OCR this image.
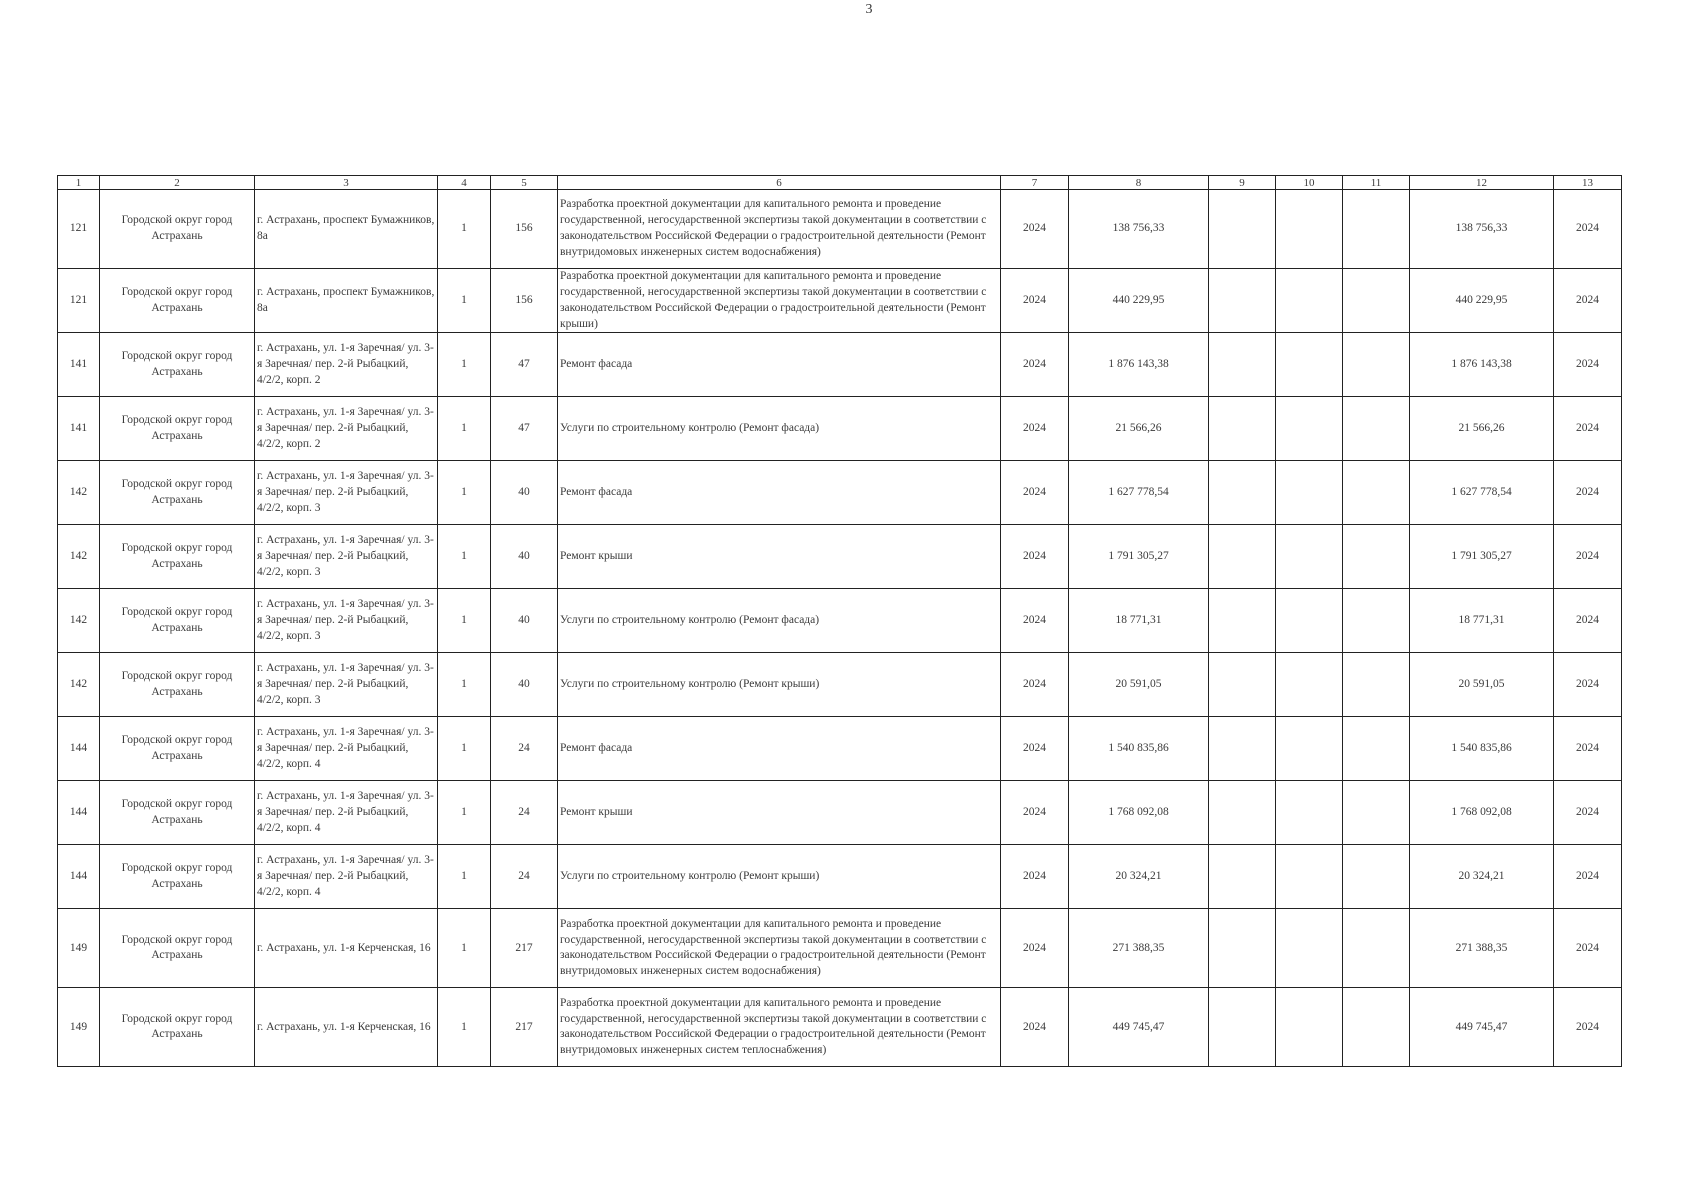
3
1	2	3	4	5	6	7	8	9	10	11	12	13
121	Городской округ город Астрахань	г. Астрахань, проспект Бумажников, 8а	1	156	Разработка проектной документации для капитального ремонта и проведение государственной, негосударственной экспертизы такой документации в соответствии с законодательством Российской Федерации о градостроительной деятельности (Ремонт внутридомовых инженерных систем водоснабжения)	2024	138 756,33				138 756,33	2024
121	Городской округ город Астрахань	г. Астрахань, проспект Бумажников, 8а	1	156	Разработка проектной документации для капитального ремонта и проведение государственной, негосударственной экспертизы такой документации в соответствии с законодательством Российской Федерации о градостроительной деятельности (Ремонт крыши)	2024	440 229,95				440 229,95	2024
141	Городской округ город Астрахань	г. Астрахань, ул. 1-я Заречная/ ул. 3-я Заречная/ пер. 2-й Рыбацкий, 4/2/2, корп. 2	1	47	Ремонт фасада	2024	1 876 143,38				1 876 143,38	2024
141	Городской округ город Астрахань	г. Астрахань, ул. 1-я Заречная/ ул. 3-я Заречная/ пер. 2-й Рыбацкий, 4/2/2, корп. 2	1	47	Услуги по строительному контролю (Ремонт фасада)	2024	21 566,26				21 566,26	2024
142	Городской округ город Астрахань	г. Астрахань, ул. 1-я Заречная/ ул. 3-я Заречная/ пер. 2-й Рыбацкий, 4/2/2, корп. 3	1	40	Ремонт фасада	2024	1 627 778,54				1 627 778,54	2024
142	Городской округ город Астрахань	г. Астрахань, ул. 1-я Заречная/ ул. 3-я Заречная/ пер. 2-й Рыбацкий, 4/2/2, корп. 3	1	40	Ремонт крыши	2024	1 791 305,27				1 791 305,27	2024
142	Городской округ город Астрахань	г. Астрахань, ул. 1-я Заречная/ ул. 3-я Заречная/ пер. 2-й Рыбацкий, 4/2/2, корп. 3	1	40	Услуги по строительному контролю (Ремонт фасада)	2024	18 771,31				18 771,31	2024
142	Городской округ город Астрахань	г. Астрахань, ул. 1-я Заречная/ ул. 3-я Заречная/ пер. 2-й Рыбацкий, 4/2/2, корп. 3	1	40	Услуги по строительному контролю (Ремонт крыши)	2024	20 591,05				20 591,05	2024
144	Городской округ город Астрахань	г. Астрахань, ул. 1-я Заречная/ ул. 3-я Заречная/ пер. 2-й Рыбацкий, 4/2/2, корп. 4	1	24	Ремонт фасада	2024	1 540 835,86				1 540 835,86	2024
144	Городской округ город Астрахань	г. Астрахань, ул. 1-я Заречная/ ул. 3-я Заречная/ пер. 2-й Рыбацкий, 4/2/2, корп. 4	1	24	Ремонт крыши	2024	1 768 092,08				1 768 092,08	2024
144	Городской округ город Астрахань	г. Астрахань, ул. 1-я Заречная/ ул. 3-я Заречная/ пер. 2-й Рыбацкий, 4/2/2, корп. 4	1	24	Услуги по строительному контролю (Ремонт крыши)	2024	20 324,21				20 324,21	2024
149	Городской округ город Астрахань	г. Астрахань, ул. 1-я Керченская, 16	1	217	Разработка проектной документации для капитального ремонта и проведение государственной, негосударственной экспертизы такой документации в соответствии с законодательством Российской Федерации о градостроительной деятельности (Ремонт внутридомовых инженерных систем водоснабжения)	2024	271 388,35				271 388,35	2024
149	Городской округ город Астрахань	г. Астрахань, ул. 1-я Керченская, 16	1	217	Разработка проектной документации для капитального ремонта и проведение государственной, негосударственной экспертизы такой документации в соответствии с законодательством Российской Федерации о градостроительной деятельности (Ремонт внутридомовых инженерных систем теплоснабжения)	2024	449 745,47				449 745,47	2024
